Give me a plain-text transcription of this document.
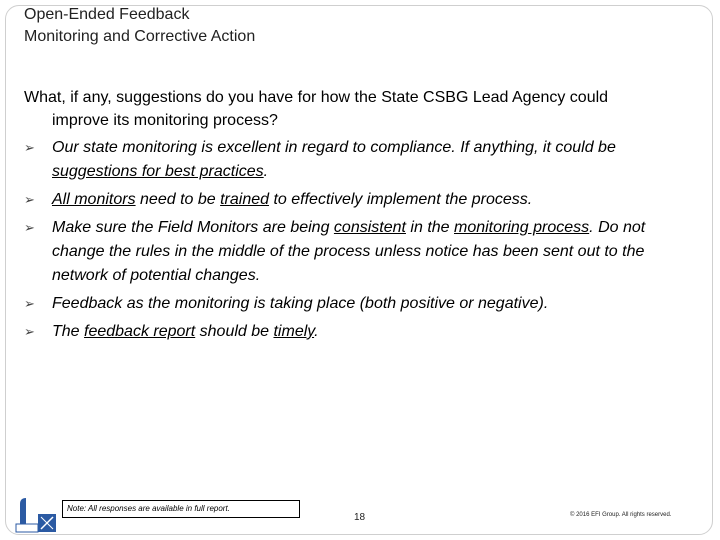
Open-Ended Feedback
Monitoring and Corrective Action
What, if any, suggestions do you have for how the State CSBG Lead Agency could
improve its monitoring process?
➢	Our state monitoring is excellent in regard to compliance. If anything, it could be suggestions for best practices.
➢	All monitors need to be trained to effectively implement the process.
➢	Make sure the Field Monitors are being consistent in the monitoring process. Do not change the rules in the middle of the process unless notice has been sent out to the network of potential changes.
➢	Feedback as the monitoring is taking place (both positive or negative).
➢	The feedback report should be timely.
Note: All responses are available in full report.
18	© 2016 EFI Group. All rights reserved.
